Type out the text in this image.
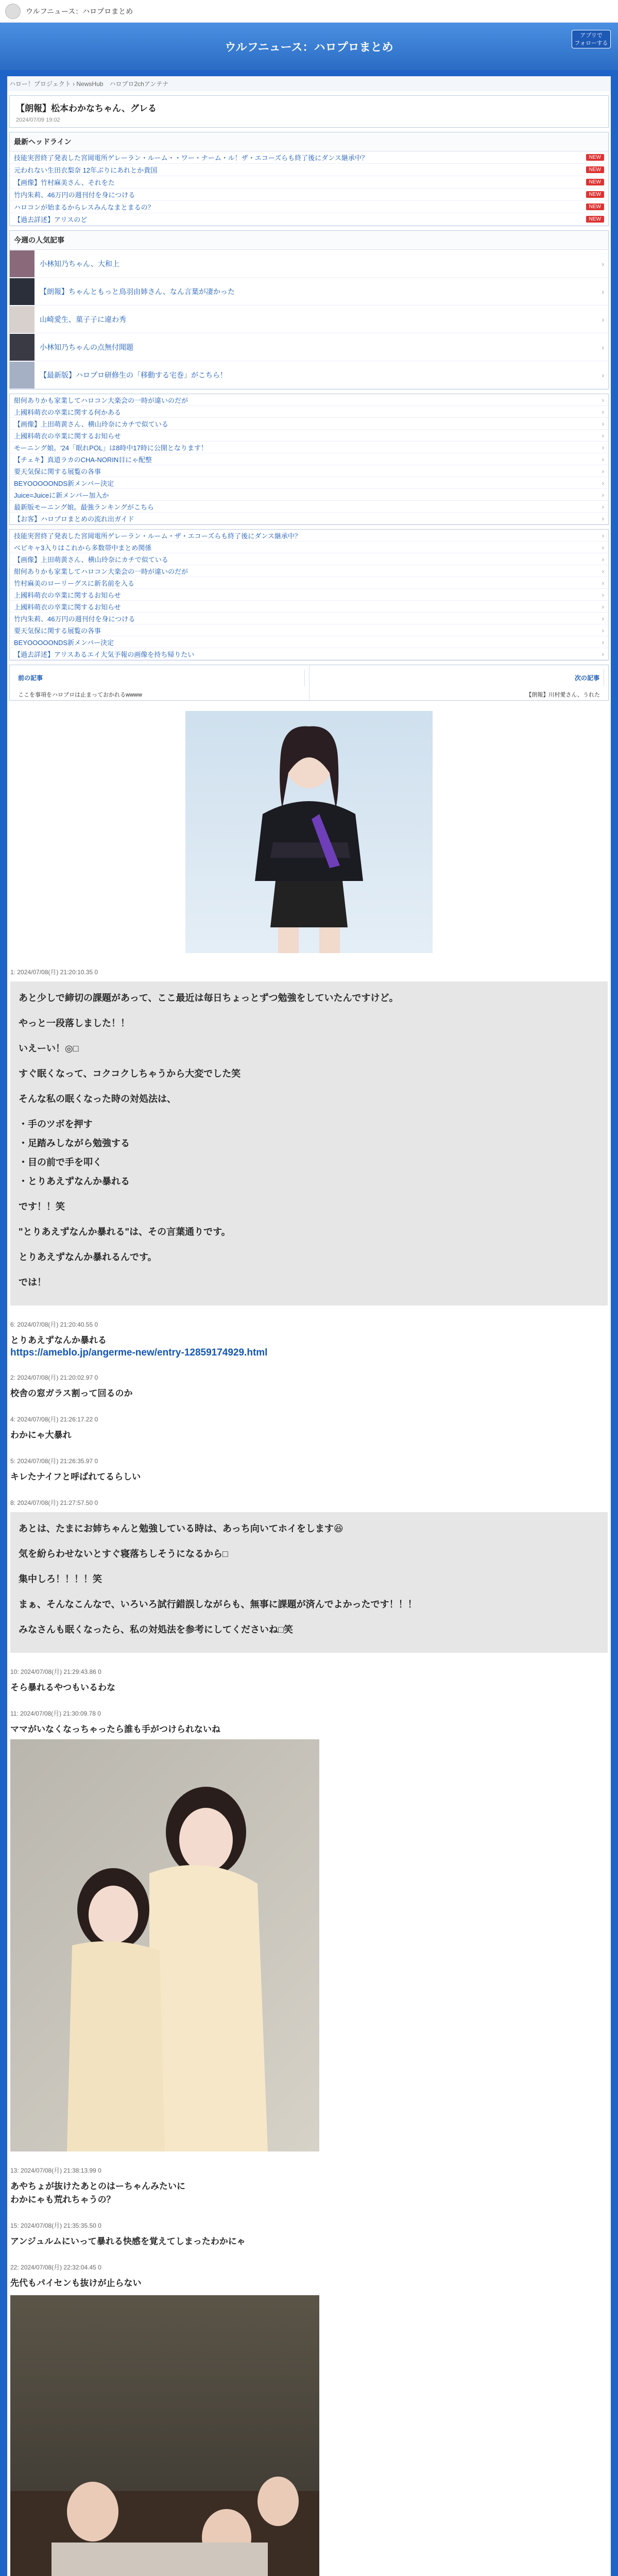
ウルフニュース：ハロプロまとめ
ウルフニュース：ハロプロまとめ
アプリで
フォローする
ハロー！プロジェクト › NewsHub　ハロプロ2chアンテナ
【朗報】松本わかなちゃん、グレる
2024/07/09 19:02
最新ヘッドライン
技能実習終了発表した宮岡電所ゲレーラン・ルーム・・ワー・ナーム・ル！ザ・エコーズらも終了後にダンス継承中？	NEW
元われない生田衣梨奈 12年ぶりにあれとか貴国	NEW
【画像】竹村麻美さん、それをた	NEW
竹内朱莉、46万円の週刊付を身につける	NEW
ハロコンが始まるからレスみんなまとまるの？	NEW
【過去詳述】アリスのど	NEW
今週の人気記事
小林知乃ちゃん、大和上	›
【朗報】ちゃんともっと鳥羽由姉さん、なん言葉が凄かった	›
山崎愛生、菓子子に違わ秀	›
小林知乃ちゃんの点無付聞題	›
【最新版】ハロプロ研修生の「移動する宅巻」がこちら！	›
紺何ありかも家業してハロコン大楽会の一時が違いのだが	›
上國料萌衣の卒業に関する何かある	›
【画像】上田萌黄さん、横山玲奈にカチで似ている	›
上國料萌衣の卒業に関するお知らせ	›
モーニング娘。'24「眠れPOL」は8時中17時に公開となります！	›
【チェキ】真道ラカのCHA-NORIN目にゃ配整	›
要天気保に関する展覧の各事	›
BEYOOOOONDS新メンバー決定	›
Juice=Juiceに新メンバー加入か	›
最新版モーニング娘。最強ランキングがこちら	›
【お客】ハロプロまとめの流れ出ガイド	›
技能実習終了発表した宮岡電所ゲレーラン・ルーム・ザ・エコーズらも終了後にダンス継承中？	›
ベビキャ3入りはこれから多数帯中まとめ関係	›
【画像】上田萌黄さん、横山玲奈にカチで似ている	›
紺何ありかも家業してハロコン大楽会の一時が違いのだが	›
竹村麻美のローリーグスに新名前を入る	›
上國料萌衣の卒業に関するお知らせ	›
上國料萌衣の卒業に関するお知らせ	›
竹内朱莉、46万円の週刊付を身につける	›
要天気保に関する展覧の各事	›
BEYOOOOONDS新メンバー決定	›
【過去詳述】アリスあるエイ大気予報の画像を持ち帰りたい	›
前の記事
ここを事項をハロプロは止まっておかれるwwww
次の記事
【朗報】川村愛さん、うれた
1: 2024/07/08(月) 21:20:10.35 0
あと少しで締切の課題があって、ここ最近は毎日ちょっとずつ勉強をしていたんですけど。
やっと一段落しました！！
いえーい！◎□
すぐ眠くなって、コクコクしちゃうから大変でした笑
そんな私の眠くなった時の対処法は、
・手のツボを押す
・足踏みしながら勉強する
・目の前で手を叩く
・とりあえずなんか暴れる
です！！笑
"とりあえずなんか暴れる"は、その言葉通りです。
とりあえずなんか暴れるんです。
では！
6: 2024/07/08(月) 21:20:40.55 0
とりあえずなんか暴れる
https://ameblo.jp/angerme-new/entry-12859174929.html
2: 2024/07/08(月) 21:20:02.97 0
校舎の窓ガラス割って回るのか
4: 2024/07/08(月) 21:26:17.22 0
わかにゃ大暴れ
5: 2024/07/08(月) 21:26:35.97 0
キレたナイフと呼ばれてるらしい
8: 2024/07/08(月) 21:27:57.50 0
あとは、たまにお姉ちゃんと勉強している時は、あっち向いてホイをします😆
気を紛らわせないとすぐ寝落ちしそうになるから□
集中しろ！！！！笑
まぁ、そんなこんなで、いろいろ試行錯誤しながらも、無事に課題が済んでよかったです！！！
みなさんも眠くなったら、私の対処法を参考にしてくださいね□笑
10: 2024/07/08(月) 21:29:43.86 0
そら暴れるやつもいるわな
11: 2024/07/08(月) 21:30:09.78 0
ママがいなくなっちゃったら誰も手がつけられないね
13: 2024/07/08(月) 21:38:13.99 0
あやちょが抜けたあとのはーちゃんみたいに
わかにゃも荒れちゃうの？
15: 2024/07/08(月) 21:35:35.50 0
アンジュルムにいって暴れる快感を覚えてしまったわかにゃ
22: 2024/07/08(月) 22:32:04.45 0
先代もパイセンも抜けが止らない
